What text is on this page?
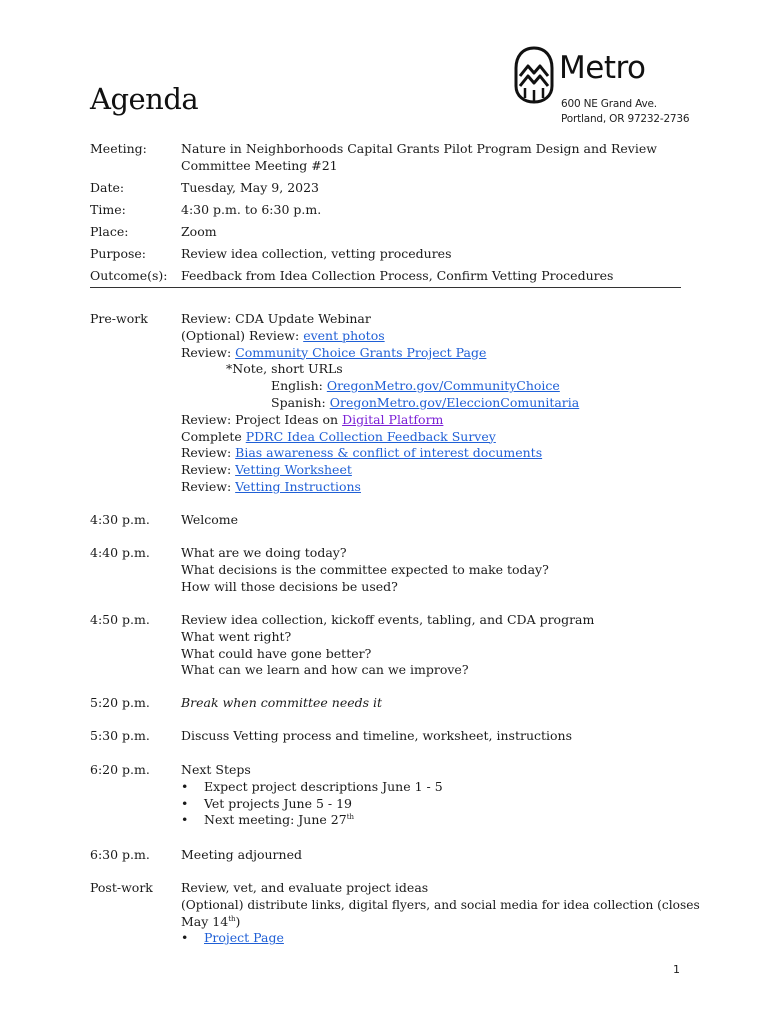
Agenda
Metro
600 NE Grand Ave.
Portland, OR 97232-2736
Meeting:	Nature in Neighborhoods Capital Grants Pilot Program Design and Review
Committee Meeting #21
Date:	Tuesday, May 9, 2023
Time:	4:30 p.m. to 6:30 p.m.
Place:	Zoom
Purpose:	Review idea collection, vetting procedures
Outcome(s):	Feedback from Idea Collection Process, Confirm Vetting Procedures
Pre-work	Review: CDA Update Webinar
(Optional) Review: event photos
Review: Community Choice Grants Project Page
*Note, short URLs
English: OregonMetro.gov/CommunityChoice
Spanish: OregonMetro.gov/EleccionComunitaria
Review: Project Ideas on Digital Platform
Complete PDRC Idea Collection Feedback Survey
Review: Bias awareness & conflict of interest documents
Review: Vetting Worksheet
Review: Vetting Instructions
4:30 p.m.	Welcome
4:40 p.m.	What are we doing today?
What decisions is the committee expected to make today?
How will those decisions be used?
4:50 p.m.	Review idea collection, kickoff events, tabling, and CDA program
What went right?
What could have gone better?
What can we learn and how can we improve?
5:20 p.m.	Break when committee needs it
5:30 p.m.	Discuss Vetting process and timeline, worksheet, instructions
6:20 p.m.	Next Steps
• Expect project descriptions June 1 - 5
• Vet projects June 5 - 19
• Next meeting: June 27th
6:30 p.m.	Meeting adjourned
Post-work	Review, vet, and evaluate project ideas
(Optional) distribute links, digital flyers, and social media for idea collection (closes
May 14th)
• Project Page
1
